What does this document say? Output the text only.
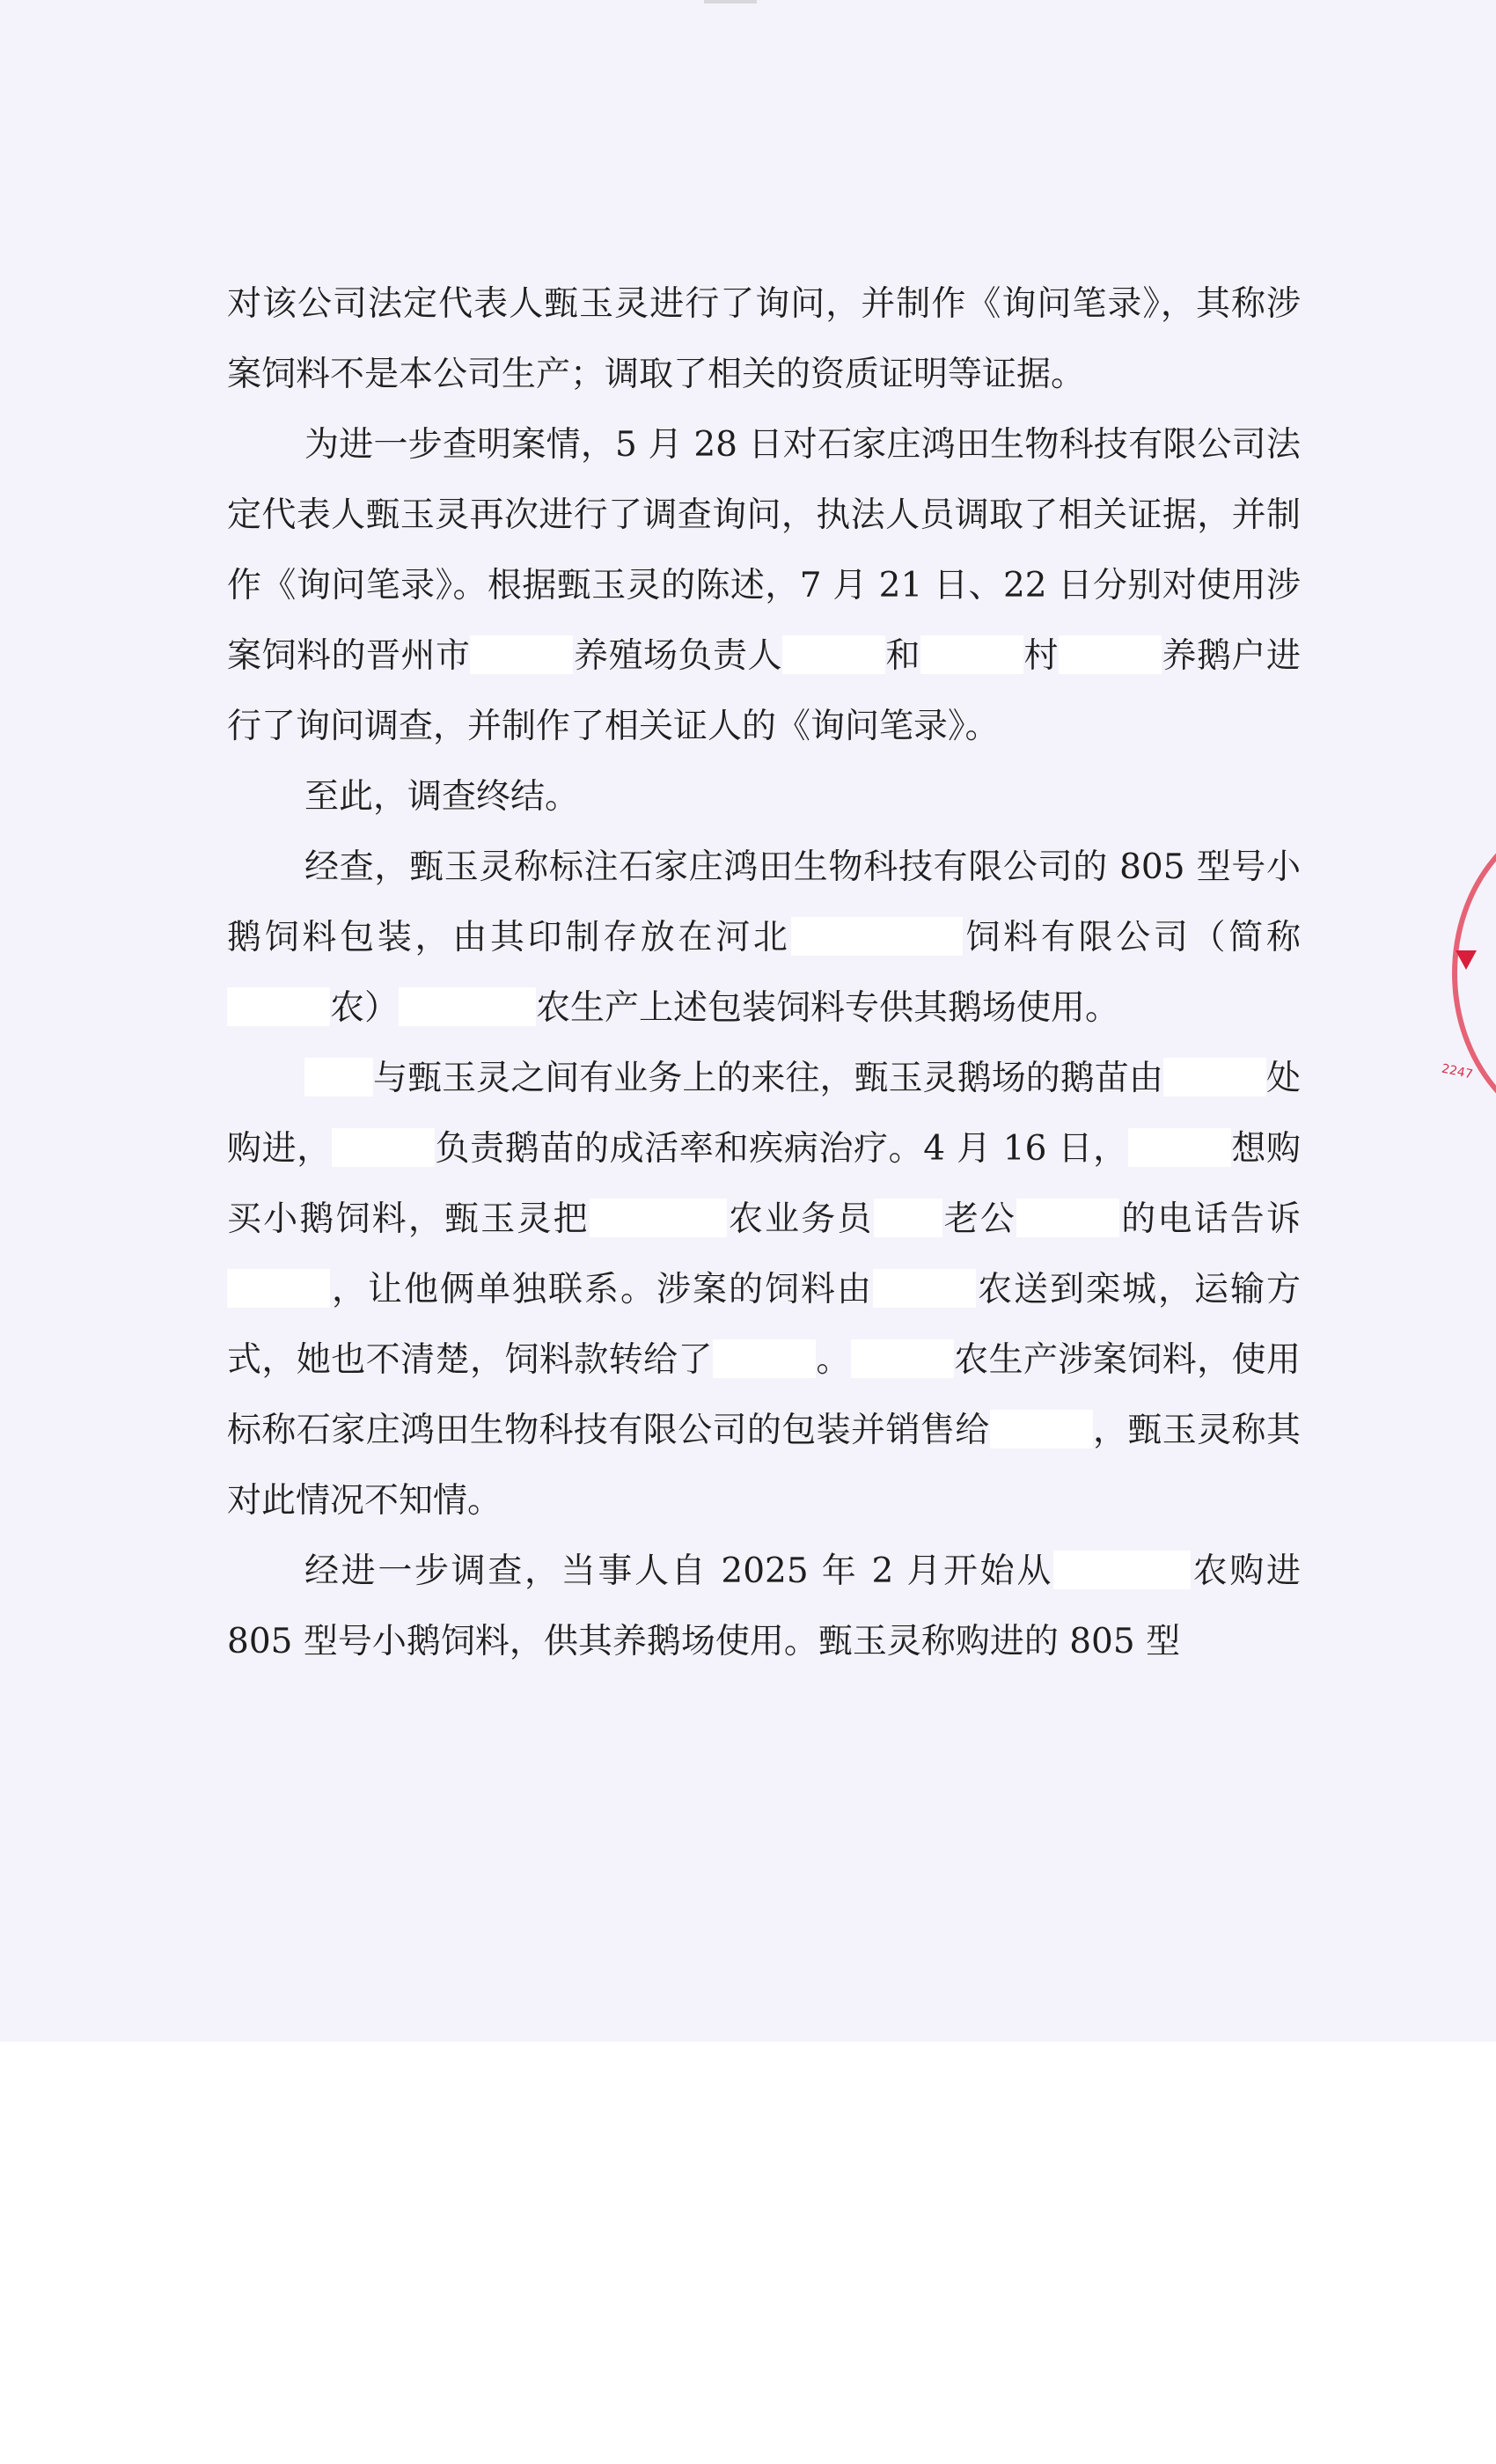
对该公司法定代表人甄玉灵进行了询问，并制作《询问笔录》，其称涉案饲料不是本公司生产；调取了相关的资质证明等证据。

为进一步查明案情，5 月 28 日对石家庄鸿田生物科技有限公司法定代表人甄玉灵再次进行了调查询问，执法人员调取了相关证据，并制作《询问笔录》。根据甄玉灵的陈述，7 月 21 日、22 日分别对使用涉案饲料的晋州市	养殖场负责人	和	村	养鹅户进行了询问调查，并制作了相关证人的《询问笔录》。

至此，调查终结。

经查，甄玉灵称标注石家庄鸿田生物科技有限公司的 805 型号小鹅饲料包装，由其印制存放在河北	饲料有限公司（简称农）	农生产上述包装饲料专供其鹅场使用。

与甄玉灵之间有业务上的来往，甄玉灵鹅场的鹅苗由	处购进，	负责鹅苗的成活率和疾病治疗。4 月 16 日，	想购买小鹅饲料，甄玉灵把	农业务员 老公	的电话告诉，让他俩单独联系。涉案的饲料由	农送到栾城，运输方式，她也不清楚，饲料款转给了	。	农生产涉案饲料，使用标称石家庄鸿田生物科技有限公司的包装并销售给	，甄玉灵称其对此情况不知情。

经进一步调查，当事人自 2025 年 2 月开始从	农购进 805 型号小鹅饲料，供其养鹅场使用。甄玉灵称购进的 805 型

2247
